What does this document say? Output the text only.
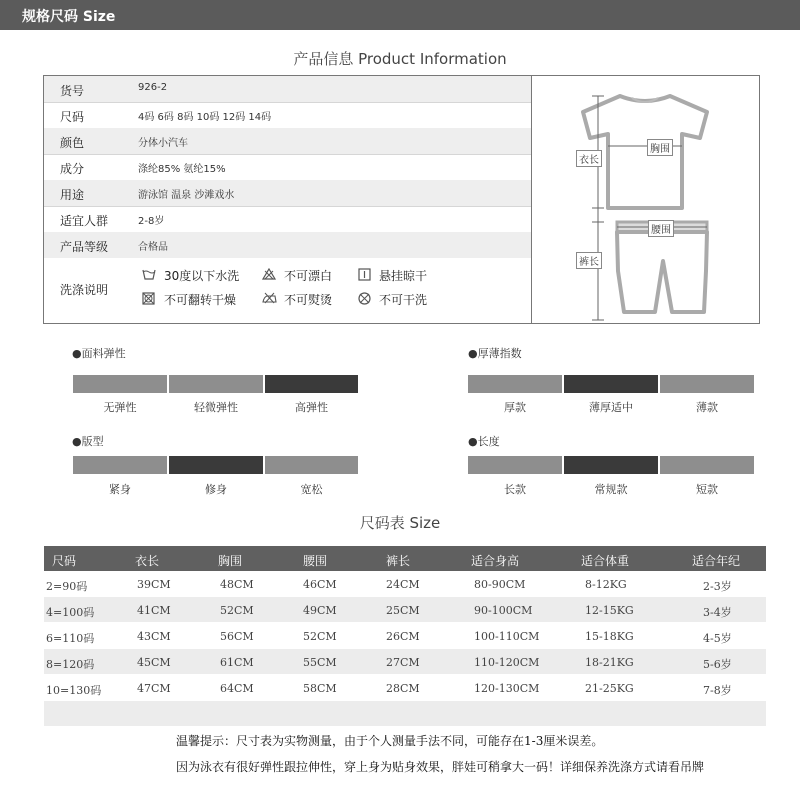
规格尺码 Size
产品信息 Product Information
货号	926-2
尺码	4码 6码 8码 10码 12码 14码
颜色	分体小汽车
成分	涤纶85% 氨纶15%
用途	游泳馆 温泉 沙滩戏水
适宜人群	2-8岁
产品等级	合格品
洗涤说明
30度以下水洗	不可漂白	悬挂晾干
不可翻转干燥	不可熨烫	不可干洗
衣长
胸围
腰围
裤长
●面料弹性
无弹性	轻微弹性	高弹性
●厚薄指数
厚款	薄厚适中	薄款
●版型
紧身	修身	宽松
●长度
长款	常规款	短款
尺码表 Size
尺码	衣长	胸围	腰围	裤长	适合身高	适合体重	适合年纪
2=90码	39CM	48CM	46CM	24CM	80-90CM	8-12KG	2-3岁
4=100码	41CM	52CM	49CM	25CM	90-100CM	12-15KG	3-4岁
6=110码	43CM	56CM	52CM	26CM	100-110CM	15-18KG	4-5岁
8=120码	45CM	61CM	55CM	27CM	110-120CM	18-21KG	5-6岁
10=130码	47CM	64CM	58CM	28CM	120-130CM	21-25KG	7-8岁
温馨提示：尺寸表为实物测量，由于个人测量手法不同，可能存在1-3厘米误差。
因为泳衣有很好弹性跟拉伸性，穿上身为贴身效果，胖娃可稍拿大一码！详细保养洗涤方式请看吊牌
